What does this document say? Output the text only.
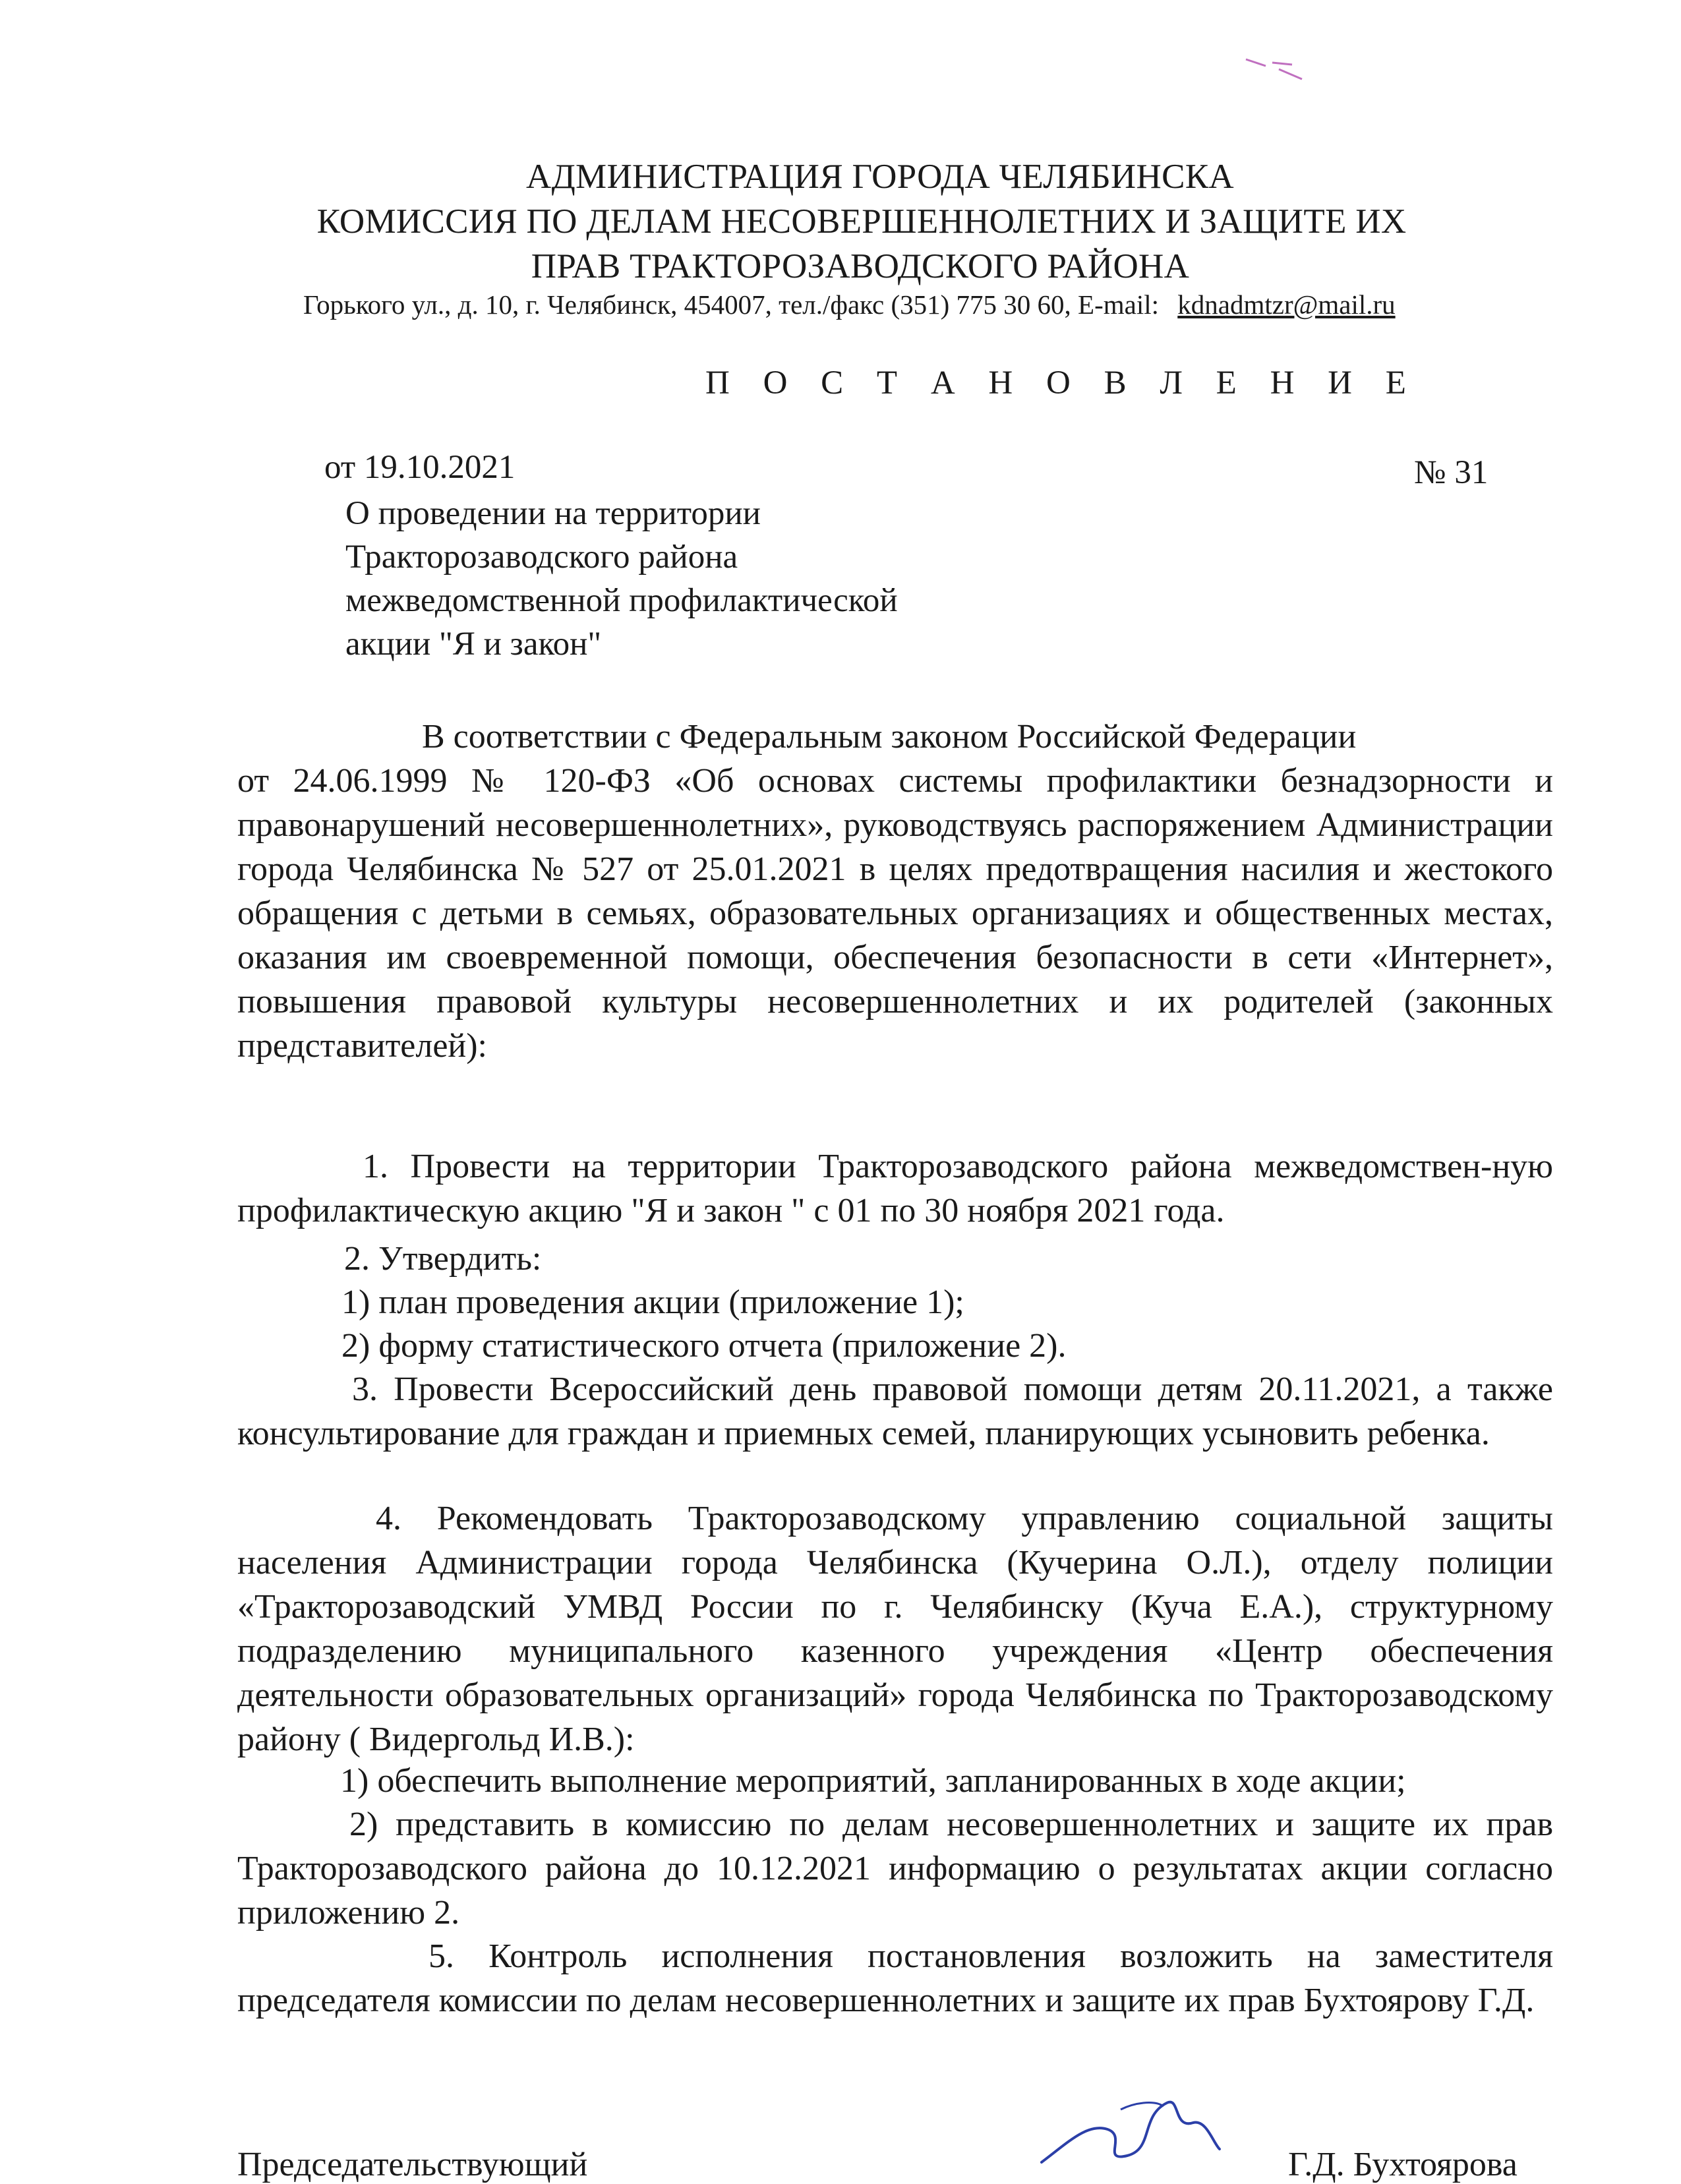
АДМИНИСТРАЦИЯ ГОРОДА ЧЕЛЯБИНСКА
КОМИССИЯ ПО ДЕЛАМ НЕСОВЕРШЕННОЛЕТНИХ И ЗАЩИТЕ ИХ
ПРАВ ТРАКТОРОЗАВОДСКОГО РАЙОНА
Горького ул., д. 10, г. Челябинск, 454007, тел./факс (351) 775 30 60, E-mail: kdnadmtzr@mail.ru
П О С Т А Н О В Л Е Н И Е
от 19.10.2021	№ 31
О проведении на территории
Тракторозаводского района
межведомственной профилактической
акции "Я и закон"
В соответствии с Федеральным законом Российской Федерации
от 24.06.1999 № 120-ФЗ «Об основах системы профилактики безнадзорности и правонарушений несовершеннолетних», руководствуясь распоряжением Администрации города Челябинска № 527 от 25.01.2021 в целях предотвращения насилия и жестокого обращения с детьми в семьях, образовательных организациях и общественных местах, оказания им своевременной помощи, обеспечения безопасности в сети «Интернет», повышения правовой культуры несовершеннолетних и их родителей (законных представителей):
1. Провести на территории Тракторозаводского района межведомствен-ную профилактическую акцию "Я и закон " с 01 по 30 ноября 2021 года.
2. Утвердить:
1) план проведения акции (приложение 1);
2) форму статистического отчета (приложение 2).
3. Провести Всероссийский день правовой помощи детям 20.11.2021, а также консультирование для граждан и приемных семей, планирующих усыновить ребенка.
4. Рекомендовать Тракторозаводскому управлению социальной защиты населения Администрации города Челябинска (Кучерина О.Л.), отделу полиции «Тракторозаводский УМВД России по г. Челябинску (Куча Е.А.), структурному подразделению муниципального казенного учреждения «Центр обеспечения деятельности образовательных организаций» города Челябинска по Тракторозаводскому району ( Видергольд И.В.):
1) обеспечить выполнение мероприятий, запланированных в ходе акции;
2) представить в комиссию по делам несовершеннолетних и защите их прав Тракторозаводского района до 10.12.2021 информацию о результатах акции согласно приложению 2.
5. Контроль исполнения постановления возложить на заместителя председателя комиссии по делам несовершеннолетних и защите их прав Бухтоярову Г.Д.
Председательствующий	Г.Д. Бухтоярова
